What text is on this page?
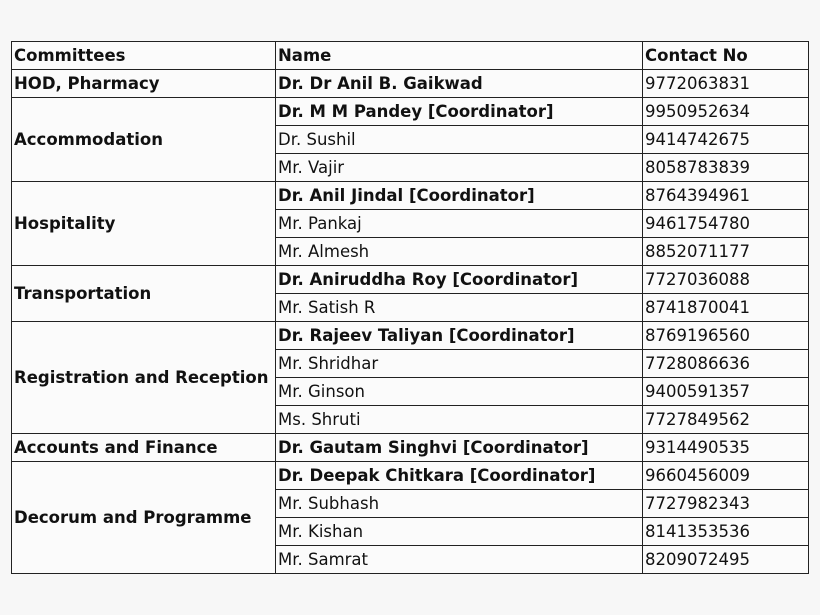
Committees	Name	Contact No
HOD, Pharmacy	Dr. Dr Anil B. Gaikwad	9772063831
Accommodation	Dr. M M Pandey [Coordinator]	9950952634
	Dr. Sushil	9414742675
	Mr. Vajir	8058783839
Hospitality	Dr. Anil Jindal [Coordinator]	8764394961
	Mr. Pankaj	9461754780
	Mr. Almesh	8852071177
Transportation	Dr. Aniruddha Roy [Coordinator]	7727036088
	Mr. Satish R	8741870041
Registration and Reception	Dr. Rajeev Taliyan [Coordinator]	8769196560
	Mr. Shridhar	7728086636
	Mr. Ginson	9400591357
	Ms. Shruti	7727849562
Accounts and Finance	Dr. Gautam Singhvi [Coordinator]	9314490535
Decorum and Programme	Dr. Deepak Chitkara [Coordinator]	9660456009
	Mr. Subhash	7727982343
	Mr. Kishan	8141353536
	Mr. Samrat	8209072495
